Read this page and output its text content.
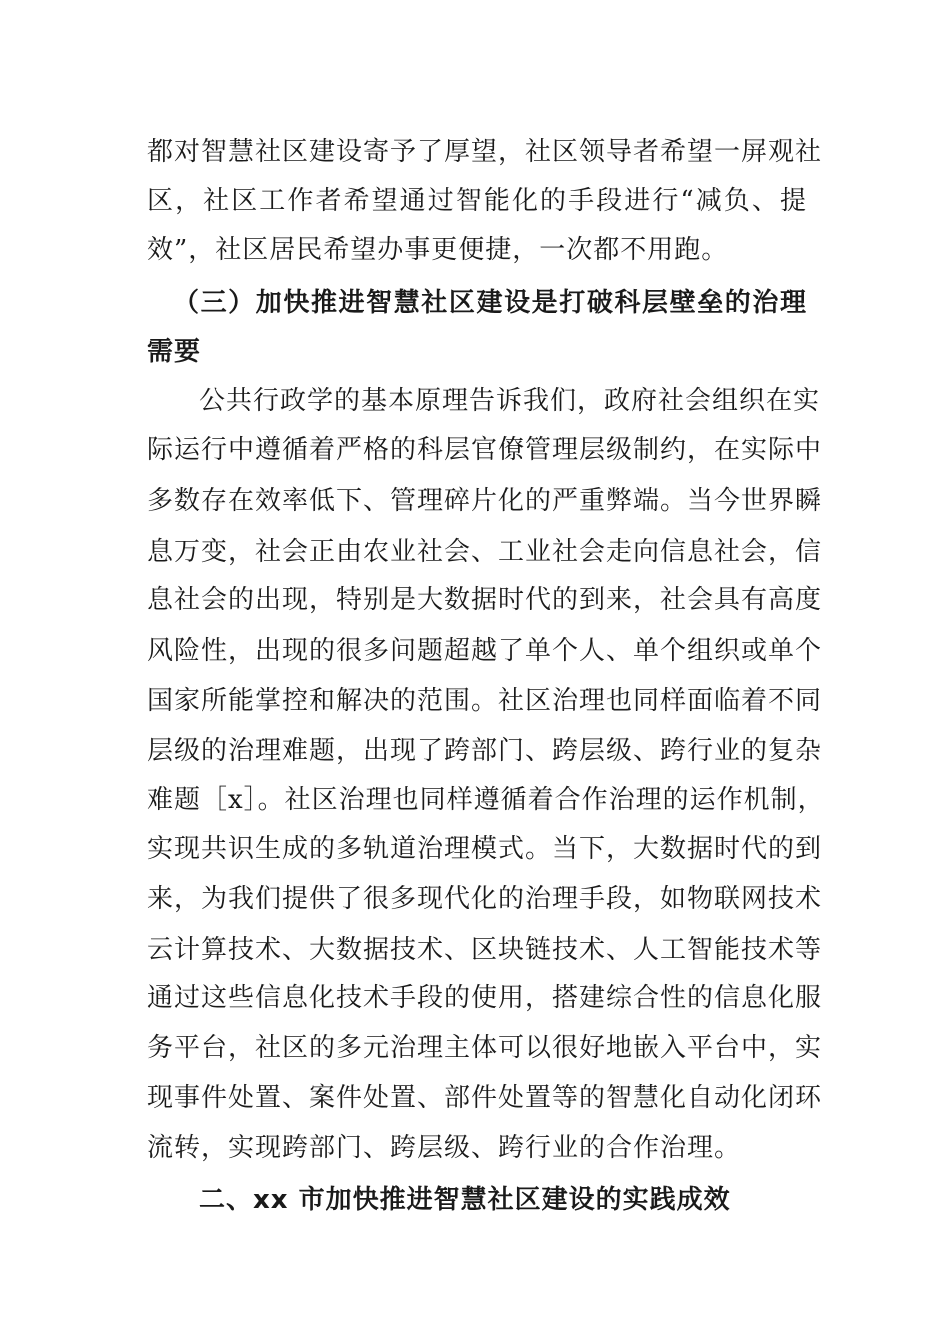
都对智慧社区建设寄予了厚望，社区领导者希望一屏观社
区，社区工作者希望通过智能化的手段进行“减负、提
效”，社区居民希望办事更便捷，一次都不用跑。
（三）加快推进智慧社区建设是打破科层壁垒的治理
需要
公共行政学的基本原理告诉我们，政府社会组织在实
际运行中遵循着严格的科层官僚管理层级制约，在实际中
多数存在效率低下、管理碎片化的严重弊端。当今世界瞬
息万变，社会正由农业社会、工业社会走向信息社会，信
息社会的出现，特别是大数据时代的到来，社会具有高度
风险性，出现的很多问题超越了单个人、单个组织或单个
国家所能掌控和解决的范围。社区治理也同样面临着不同
层级的治理难题，出现了跨部门、跨层级、跨行业的复杂
难题［x］。社区治理也同样遵循着合作治理的运作机制，
实现共识生成的多轨道治理模式。当下，大数据时代的到
来，为我们提供了很多现代化的治理手段，如物联网技术
云计算技术、大数据技术、区块链技术、人工智能技术等
通过这些信息化技术手段的使用，搭建综合性的信息化服
务平台，社区的多元治理主体可以很好地嵌入平台中，实
现事件处置、案件处置、部件处置等的智慧化自动化闭环
流转，实现跨部门、跨层级、跨行业的合作治理。
二、xx 市加快推进智慧社区建设的实践成效
